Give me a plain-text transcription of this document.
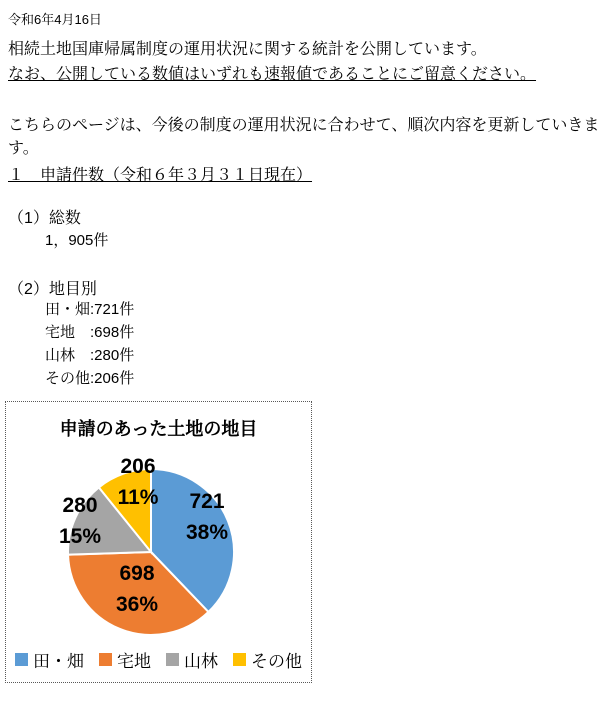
令和6年4月16日
相続土地国庫帰属制度の運用状況に関する統計を公開しています。
なお、公開している数値はいずれも速報値であることにご留意ください。
こちらのページは、今後の制度の運用状況に合わせて、順次内容を更新していきます。
１　申請件数（令和６年３月３１日現在）
（1）総数
1，905件
（2）地目別
田・畑:721件
宅地　:698件
山林　:280件
その他:206件
721 38%
698 36%
280 15%
206 11%
申請のあった土地の地目
田・畑 宅地 山林 その他
